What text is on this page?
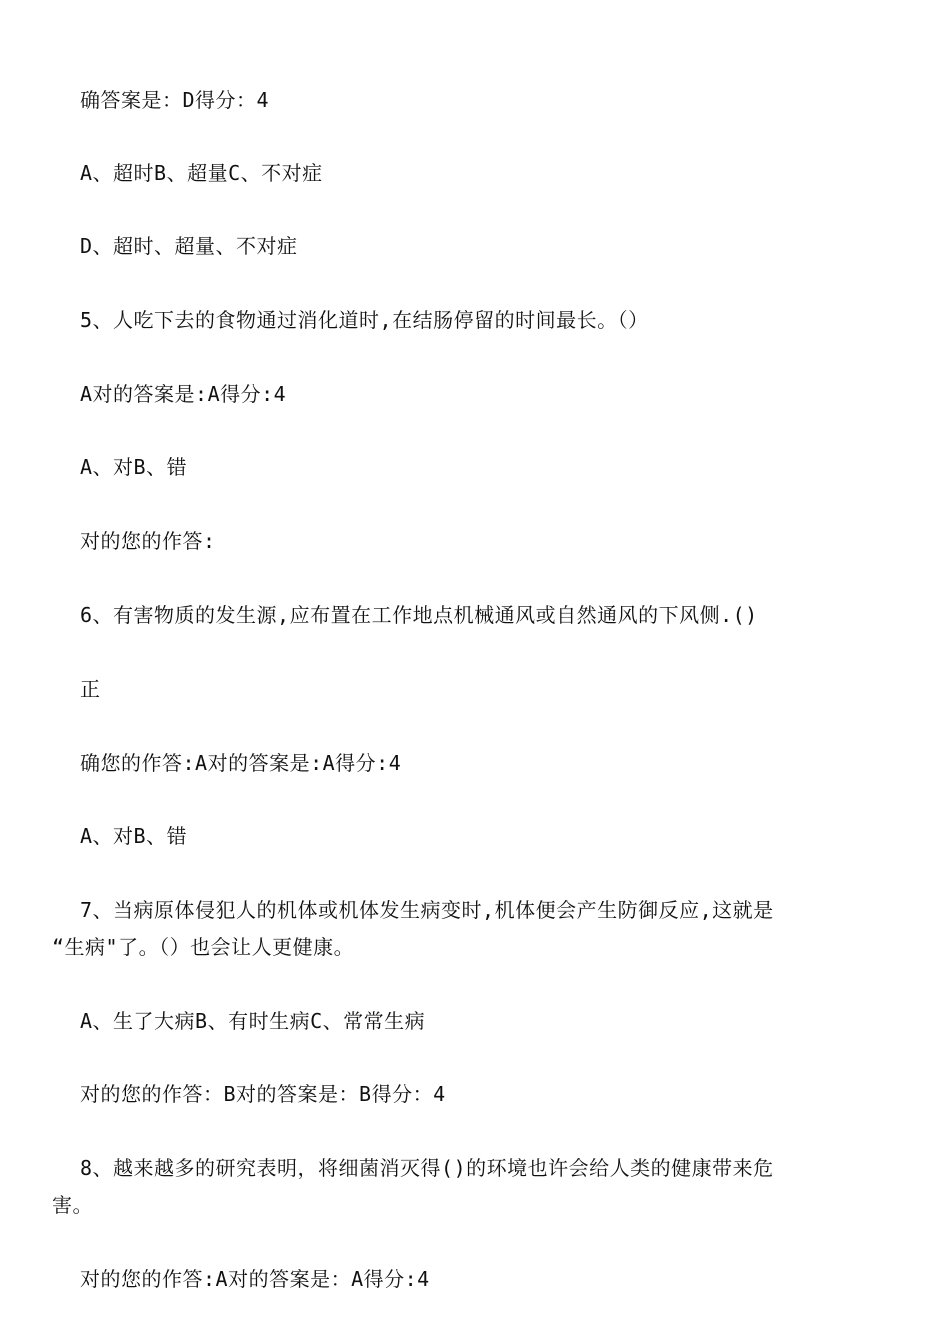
确答案是：D得分：4
A、超时B、超量C、不对症
D、超时、超量、不对症
5、人吃下去的食物通过消化道时,在结肠停留的时间最长。（）
A对的答案是:A得分:4
A、对B、错
对的您的作答:
6、有害物质的发生源,应布置在工作地点机械通风或自然通风的下风侧.()
正
确您的作答:A对的答案是:A得分:4
A、对B、错
7、当病原体侵犯人的机体或机体发生病变时,机体便会产生防御反应,这就是
“生病"了。（）也会让人更健康。
A、生了大病B、有时生病C、常常生病
对的您的作答：B对的答案是：B得分：4
8、越来越多的研究表明，将细菌消灭得()的环境也许会给人类的健康带来危
害。
对的您的作答:A对的答案是：A得分:4
